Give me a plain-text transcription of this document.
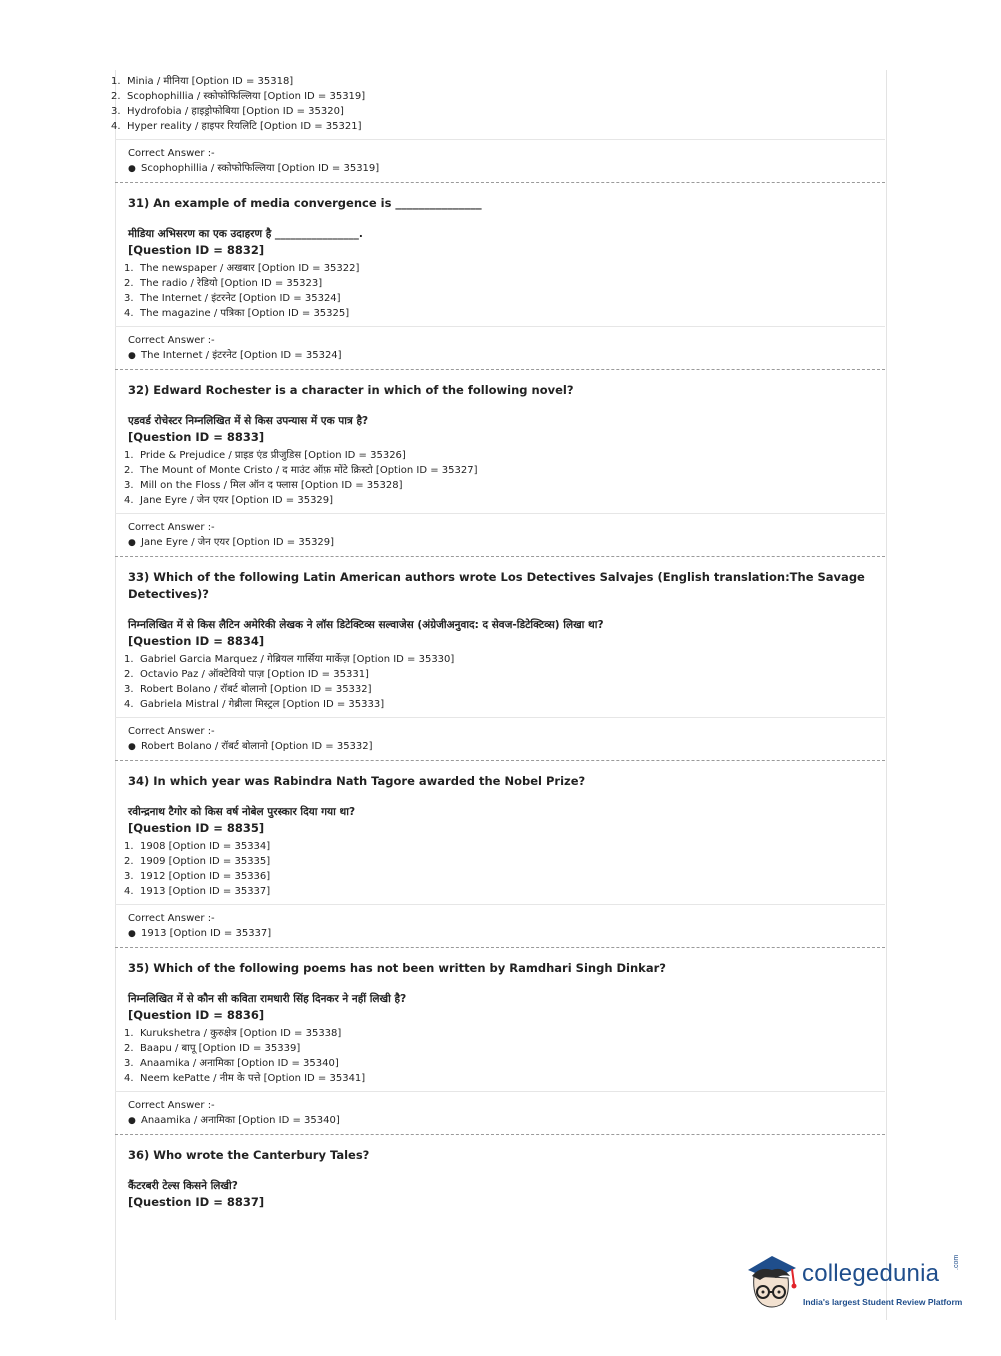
1. Minia / मीनिया [Option ID = 35318]
2. Scophophillia / स्कोफोफिल्लिया [Option ID = 35319]
3. Hydrofobia / हाइड्रोफोबिया [Option ID = 35320]
4. Hyper reality / हाइपर रियलिटि [Option ID = 35321]
Correct Answer :-
● Scophophillia / स्कोफोफिल्लिया [Option ID = 35319]
31) An example of media convergence is _______________
मीडिया अभिसरण का एक उदाहरण है ________________.
[Question ID = 8832]
1. The newspaper / अखबार [Option ID = 35322]
2. The radio / रेडियो [Option ID = 35323]
3. The Internet / इंटरनेट [Option ID = 35324]
4. The magazine / पत्रिका [Option ID = 35325]
Correct Answer :-
● The Internet / इंटरनेट [Option ID = 35324]
32) Edward Rochester is a character in which of the following novel?
एडवर्ड रोचेस्टर निम्नलिखित में से किस उपन्यास में एक पात्र है?
[Question ID = 8833]
1. Pride & Prejudice / प्राइड एंड प्रीजुडिस [Option ID = 35326]
2. The Mount of Monte Cristo / द माउंट ऑफ़ मोंटे क्रिस्टो [Option ID = 35327]
3. Mill on the Floss / मिल ऑन द फ्लास [Option ID = 35328]
4. Jane Eyre / जेन एयर [Option ID = 35329]
Correct Answer :-
● Jane Eyre / जेन एयर [Option ID = 35329]
33) Which of the following Latin American authors wrote Los Detectives Salvajes (English translation:The Savage Detectives)?
निम्नलिखित में से किस लैटिन अमेरिकी लेखक ने लॉस डिटेक्टिव्स सल्वाजेस (अंग्रेजीअनुवाद: द सेवज-डिटेक्टिव्स) लिखा था?
[Question ID = 8834]
1. Gabriel Garcia Marquez / गेब्रियल गार्सिया मार्केज़ [Option ID = 35330]
2. Octavio Paz / ऑक्टेवियो पाज़ [Option ID = 35331]
3. Robert Bolano / रॉबर्ट बोलानो [Option ID = 35332]
4. Gabriela Mistral / गेब्रीला मिस्ट्रल [Option ID = 35333]
Correct Answer :-
● Robert Bolano / रॉबर्ट बोलानो [Option ID = 35332]
34) In which year was Rabindra Nath Tagore awarded the Nobel Prize?
रवीन्द्रनाथ टैगोर को किस वर्ष नोबेल पुरस्कार दिया गया था?
[Question ID = 8835]
1. 1908 [Option ID = 35334]
2. 1909 [Option ID = 35335]
3. 1912 [Option ID = 35336]
4. 1913 [Option ID = 35337]
Correct Answer :-
● 1913 [Option ID = 35337]
35) Which of the following poems has not been written by Ramdhari Singh Dinkar?
निम्नलिखित में से कौन सी कविता रामधारी सिंह दिनकर ने नहीं लिखी है?
[Question ID = 8836]
1. Kurukshetra / कुरुक्षेत्र [Option ID = 35338]
2. Baapu / बापू [Option ID = 35339]
3. Anaamika / अनामिका [Option ID = 35340]
4. Neem kePatte / नीम के पत्ते [Option ID = 35341]
Correct Answer :-
● Anaamika / अनामिका [Option ID = 35340]
36) Who wrote the Canterbury Tales?
कैंटरबरी टेल्स किसने लिखी?
[Question ID = 8837]
collegedunia .com
India's largest Student Review Platform
